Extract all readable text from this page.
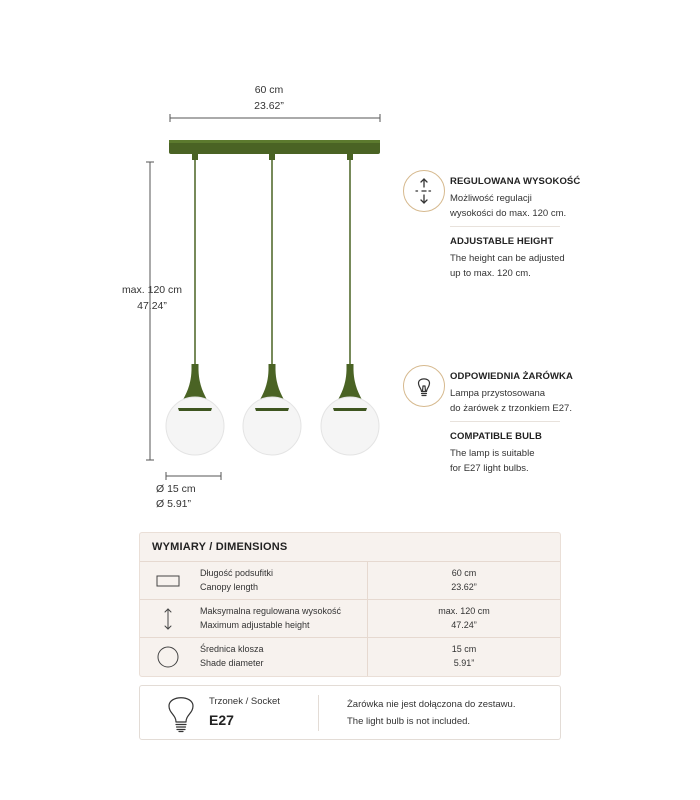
60 cm
23.62”
max. 120 cm
47.24”
Ø 15 cm
Ø 5.91”
REGULOWANA WYSOKOŚĆ
Możliwość regulacji
wysokości do max. 120 cm.
ADJUSTABLE HEIGHT
The height can be adjusted
up to max. 120 cm.
ODPOWIEDNIA ŻARÓWKA
Lampa przystosowana
do żarówek z trzonkiem E27.
COMPATIBLE BULB
The lamp is suitable
for E27 light bulbs.
WYMIARY / DIMENSIONS
Długość podsufitki
Canopy length
60 cm
23.62”
Maksymalna regulowana wysokość
Maximum adjustable height
max. 120 cm
47.24”
Średnica klosza
Shade diameter
15 cm
5.91”
Trzonek / Socket
E27
Żarówka nie jest dołączona do zestawu.
The light bulb is not included.
